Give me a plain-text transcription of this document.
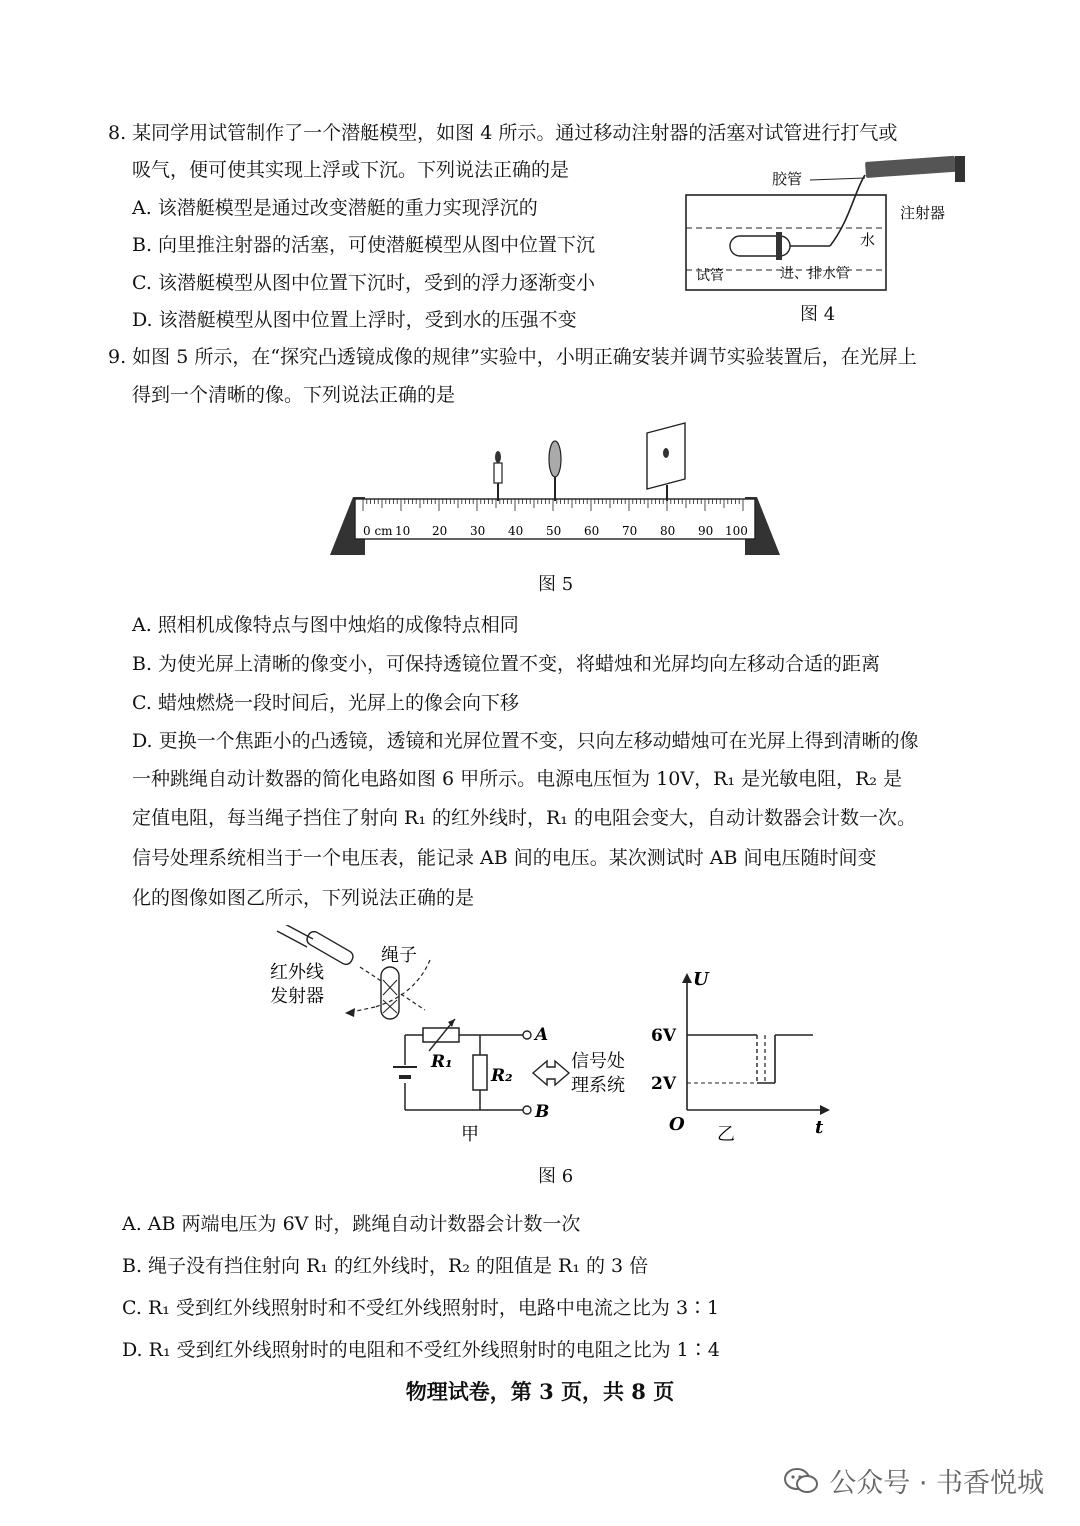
8. 某同学用试管制作了一个潜艇模型，如图 4 所示。通过移动注射器的活塞对试管进行打气或
吸气，便可使其实现上浮或下沉。下列说法正确的是
A. 该潜艇模型是通过改变潜艇的重力实现浮沉的
B. 向里推注射器的活塞，可使潜艇模型从图中位置下沉
C. 该潜艇模型从图中位置下沉时，受到的浮力逐渐变小
D. 该潜艇模型从图中位置上浮时，受到水的压强不变
胶管
注射器
水
试管	进、排水管
图 4
9. 如图 5 所示，在“探究凸透镜成像的规律”实验中，小明正确安装并调节实验装置后，在光屏上
得到一个清晰的像。下列说法正确的是
0 cm 10 20 30 40 50 60 70 80 90 100
图 5
A. 照相机成像特点与图中烛焰的成像特点相同
B. 为使光屏上清晰的像变小，可保持透镜位置不变，将蜡烛和光屏均向左移动合适的距离
C. 蜡烛燃烧一段时间后，光屏上的像会向下移
D. 更换一个焦距小的凸透镜，透镜和光屏位置不变，只向左移动蜡烛可在光屏上得到清晰的像
一种跳绳自动计数器的简化电路如图 6 甲所示。电源电压恒为 10V，R₁ 是光敏电阻，R₂ 是
定值电阻，每当绳子挡住了射向 R₁ 的红外线时，R₁ 的电阻会变大，自动计数器会计数一次。
信号处理系统相当于一个电压表，能记录 AB 间的电压。某次测试时 AB 间电压随时间变
化的图像如图乙所示，下列说法正确的是
绳子
红外线
发射器
R₁
R₂
A
B
信号处
理系统
甲
U
t
O
6V
2V
乙
图 6
A. AB 两端电压为 6V 时，跳绳自动计数器会计数一次
B. 绳子没有挡住射向 R₁ 的红外线时，R₂ 的阻值是 R₁ 的 3 倍
C. R₁ 受到红外线照射时和不受红外线照射时，电路中电流之比为 3∶1
D. R₁ 受到红外线照射时的电阻和不受红外线照射时的电阻之比为 1∶4
物理试卷，第 3 页，共 8 页
公众号 · 书香悦城
